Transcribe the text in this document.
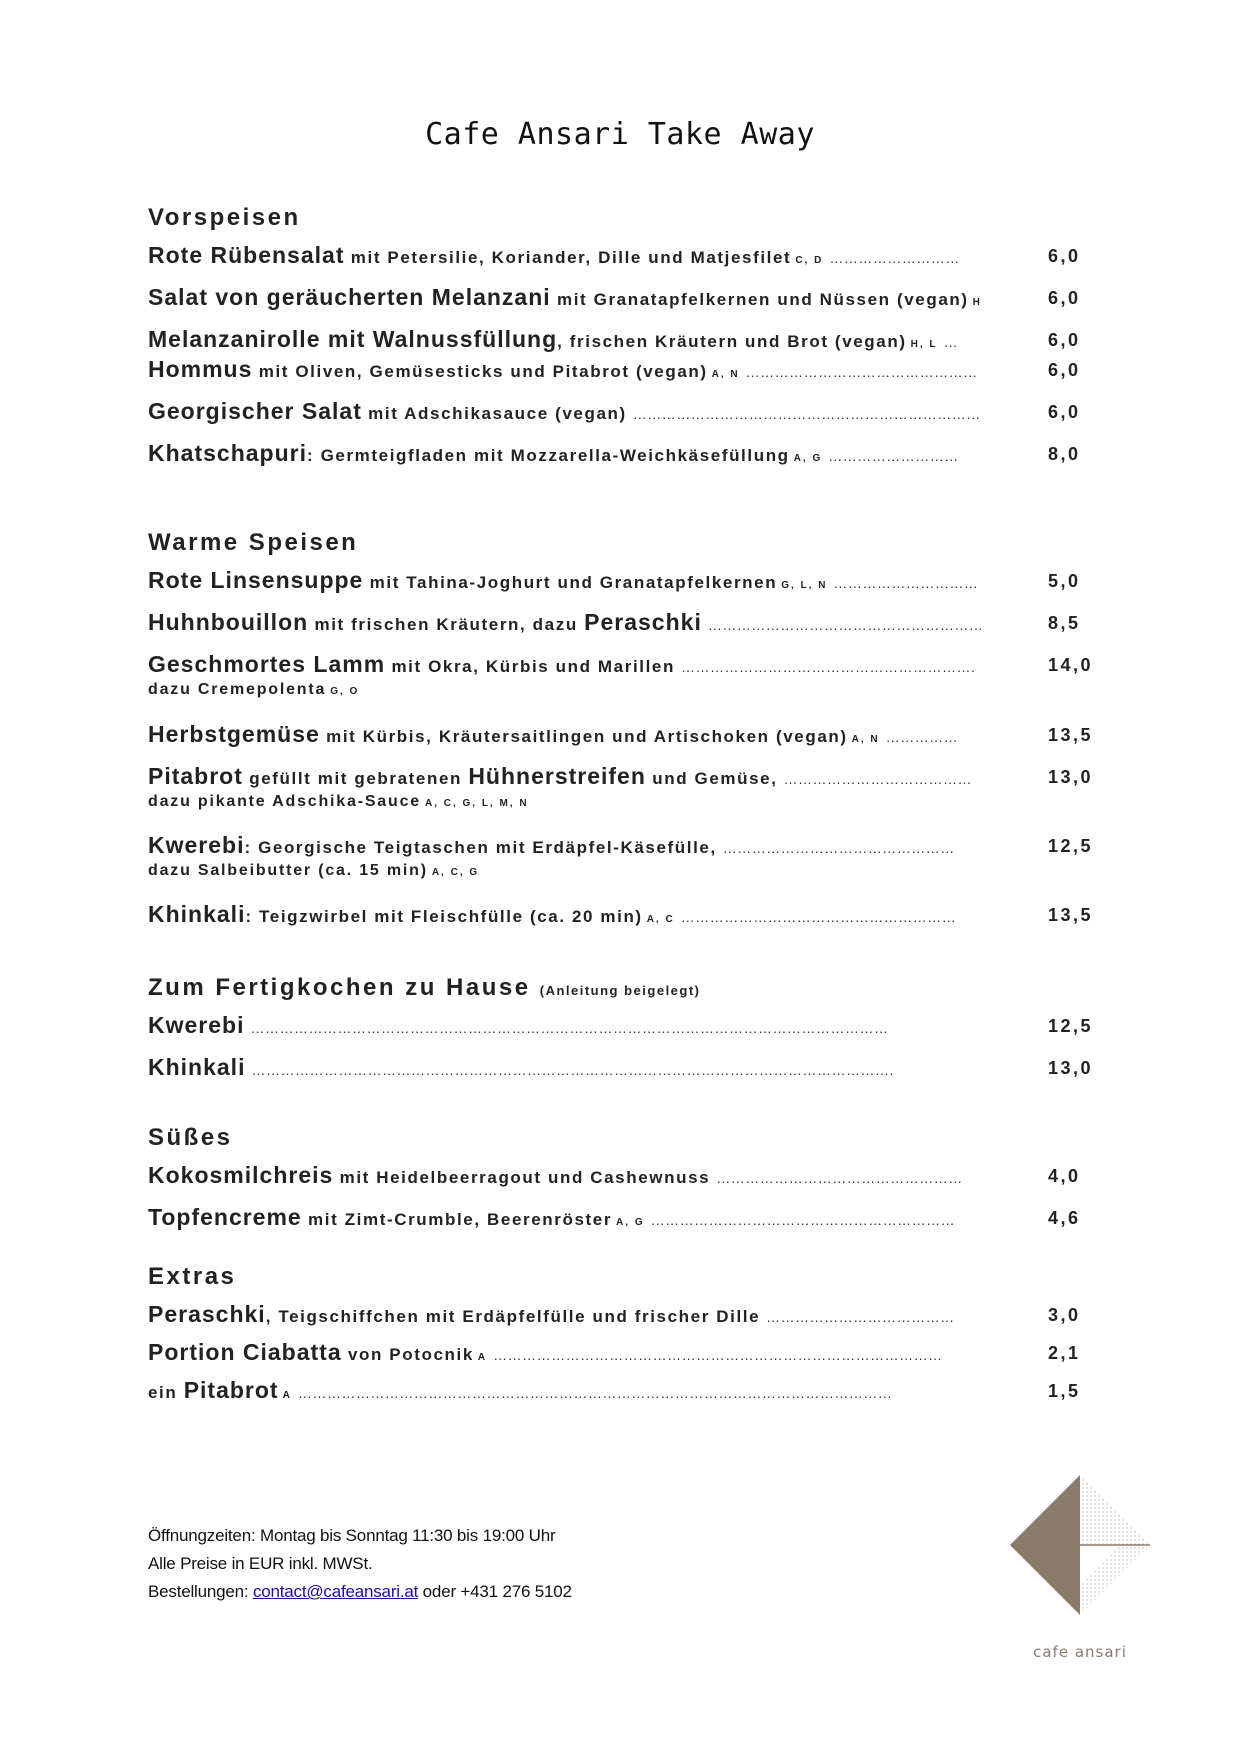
Cafe Ansari Take Away
Vorspeisen
Rote Rübensalat mit Petersilie, Koriander, Dille und Matjesfilet C, D ………………………	6,0
Salat von geräucherten Melanzani mit Granatapfelkernen und Nüssen (vegan) H	6,0
Melanzanirolle mit Walnussfüllung, frischen Kräutern und Brot (vegan) H, L …	6,0
Hommus mit Oliven, Gemüsesticks und Pitabrot (vegan) A, N …………………………………………	6,0
Georgischer Salat mit Adschikasauce (vegan) ………………………………………………………………	6,0
Khatschapuri: Germteigfladen mit Mozzarella-Weichkäsefüllung A, G ………………………	8,0
Warme Speisen
Rote Linsensuppe mit Tahina-Joghurt und Granatapfelkernen G, L, N …………………………	5,0
Huhnbouillon mit frischen Kräutern, dazu Peraschki …………………………………………………	8,5
Geschmortes Lamm mit Okra, Kürbis und Marillen …………………………………………………….	14,0
dazu Cremepolenta G, O
Herbstgemüse mit Kürbis, Kräutersaitlingen und Artischoken (vegan) A, N ……………	13,5
Pitabrot gefüllt mit gebratenen Hühnerstreifen und Gemüse, …………………………………	13,0
dazu pikante Adschika-Sauce A, C, G, L, M, N
Kwerebi: Georgische Teigtaschen mit Erdäpfel-Käsefülle, …………………………………………	12,5
dazu Salbeibutter (ca. 15 min) A, C, G
Khinkali: Teigzwirbel mit Fleischfülle (ca. 20 min) A, C …………………………………………………	13,5
Zum Fertigkochen zu Hause (Anleitung beigelegt)
Kwerebi ……………………………………………………………………………………………………………………	12,5
Khinkali …………………………………………………………………………………………………………………….	13,0
Süßes
Kokosmilchreis mit Heidelbeerragout und Cashewnuss ……………………………………………	4,0
Topfencreme mit Zimt-Crumble, Beerenröster A, G ………………………………………………………	4,6
Extras
Peraschki, Teigschiffchen mit Erdäpfelfülle und frischer Dille …………………………………	3,0
Portion Ciabatta von Potocnik A …………………………………………………………………………………	2,1
ein Pitabrot A ……………………………………………………………………………………………………………	1,5
Öffnungzeiten: Montag bis Sonntag 11:30 bis 19:00 Uhr
Alle Preise in EUR inkl. MWSt.
Bestellungen: contact@cafeansari.at oder +431 276 5102
cafe ansari
